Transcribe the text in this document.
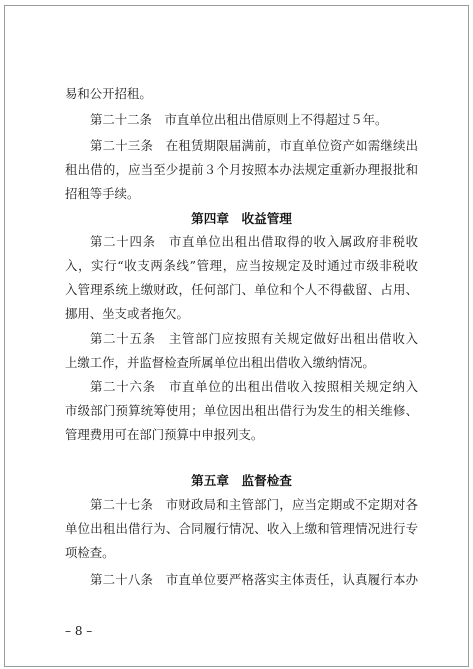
易和公开招租。

第二十二条　市直单位出租出借原则上不得超过５年。

第二十三条　在租赁期限届满前，市直单位资产如需继续出

租出借的，应当至少提前３个月按照本办法规定重新办理报批和

招租等手续。

第四章　收益管理

第二十四条　市直单位出租出借取得的收入属政府非税收

入，实行“收支两条线”管理，应当按规定及时通过市级非税收

入管理系统上缴财政，任何部门、单位和个人不得截留、占用、

挪用、坐支或者拖欠。

第二十五条　主管部门应按照有关规定做好出租出借收入

上缴工作，并监督检查所属单位出租出借收入缴纳情况。

第二十六条　市直单位的出租出借收入按照相关规定纳入

市级部门预算统筹使用；单位因出租出借行为发生的相关维修、

管理费用可在部门预算中申报列支。

第五章　监督检查

第二十七条　市财政局和主管部门，应当定期或不定期对各

单位出租出借行为、合同履行情况、收入上缴和管理情况进行专

项检查。

第二十八条　市直单位要严格落实主体责任，认真履行本办

– 8 –
